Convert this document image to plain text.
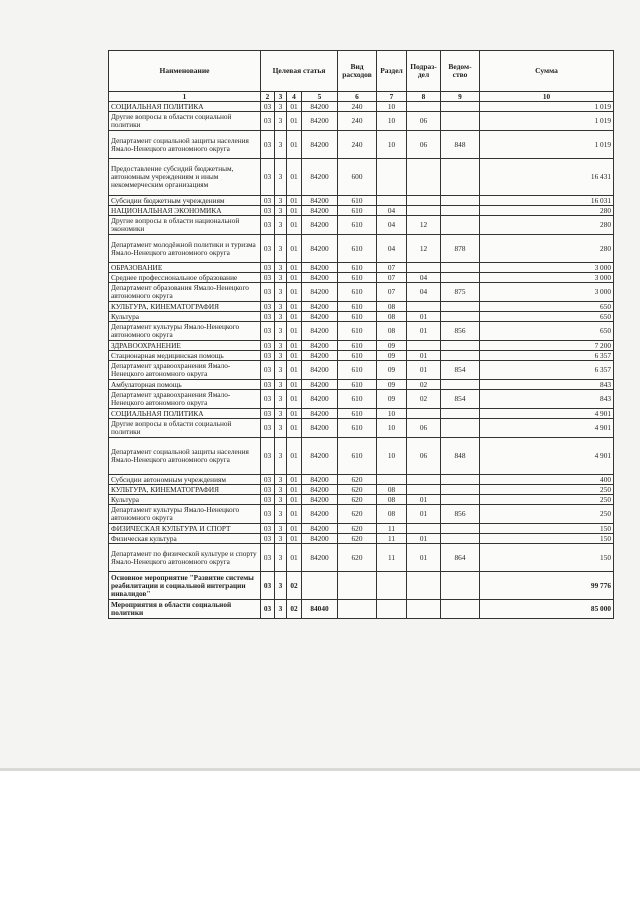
Наименование	Целевая статья				Вид расходов	Раздел	Подраз-дел	Ведом-ство	Сумма
1	2	3	4	5	6	7	8	9	10
СОЦИАЛЬНАЯ ПОЛИТИКА	03	3	01	84200	240	10			1 019
Другие вопросы в области социальной политики	03	3	01	84200	240	10	06		1 019
Департамент социальной защиты населения Ямало-Ненецкого автономного округа	03	3	01	84200	240	10	06	848	1 019
Предоставление субсидий бюджетным, автономным учреждениям и иным некоммерческим организациям	03	3	01	84200	600				16 431
Субсидии бюджетным учреждениям	03	3	01	84200	610				16 031
НАЦИОНАЛЬНАЯ ЭКОНОМИКА	03	3	01	84200	610	04			280
Другие вопросы в области национальной экономики	03	3	01	84200	610	04	12		280
Департамент молодёжной политики и туризма Ямало-Ненецкого автономного округа	03	3	01	84200	610	04	12	878	280
ОБРАЗОВАНИЕ	03	3	01	84200	610	07			3 000
Среднее профессиональное образование	03	3	01	84200	610	07	04		3 000
Департамент образования Ямало-Ненецкого автономного округа	03	3	01	84200	610	07	04	875	3 000
КУЛЬТУРА, КИНЕМАТОГРАФИЯ	03	3	01	84200	610	08			650
Культура	03	3	01	84200	610	08	01		650
Департамент культуры Ямало-Ненецкого автономного округа	03	3	01	84200	610	08	01	856	650
ЗДРАВООХРАНЕНИЕ	03	3	01	84200	610	09			7 200
Стационарная медицинская помощь	03	3	01	84200	610	09	01		6 357
Департамент здравоохранения Ямало-Ненецкого автономного округа	03	3	01	84200	610	09	01	854	6 357
Амбулаторная помощь	03	3	01	84200	610	09	02		843
Департамент здравоохранения Ямало-Ненецкого автономного округа	03	3	01	84200	610	09	02	854	843
СОЦИАЛЬНАЯ ПОЛИТИКА	03	3	01	84200	610	10			4 901
Другие вопросы в области социальной политики	03	3	01	84200	610	10	06		4 901
Департамент социальной защиты населения Ямало-Ненецкого автономного округа	03	3	01	84200	610	10	06	848	4 901
Субсидии автономным учреждениям	03	3	01	84200	620				400
КУЛЬТУРА, КИНЕМАТОГРАФИЯ	03	3	01	84200	620	08			250
Культура	03	3	01	84200	620	08	01		250
Департамент культуры Ямало-Ненецкого автономного округа	03	3	01	84200	620	08	01	856	250
ФИЗИЧЕСКАЯ КУЛЬТУРА И СПОРТ	03	3	01	84200	620	11			150
Физическая культура	03	3	01	84200	620	11	01		150
Департамент по физической культуре и спорту Ямало-Ненецкого автономного округа	03	3	01	84200	620	11	01	864	150
Основное мероприятие "Развитие системы реабилитации и социальной интеграции инвалидов"	03	3	02						99 776
Мероприятия в области социальной политики	03	3	02	84040					85 000
